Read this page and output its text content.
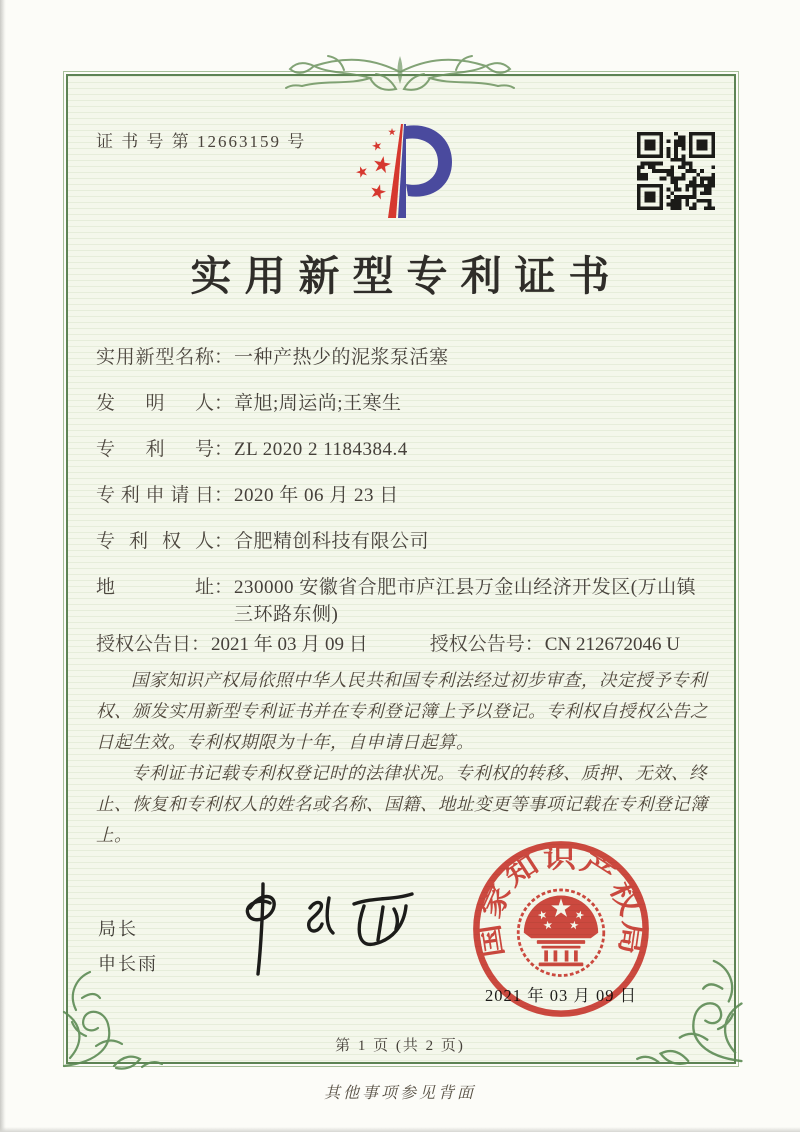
证 书 号 第 12663159 号
实用新型专利证书
实用新型名称 ： 一种产热少的泥浆泵活塞
发明人 ： 章旭;周运尚;王寒生
专利号 ： ZL 2020 2 1184384.4
专利申请日 ： 2020 年 06 月 23 日
专利权人 ： 合肥精创科技有限公司
地址 ： 230000 安徽省合肥市庐江县万金山经济开发区(万山镇三环路东侧)
授权公告日 ： 2021 年 03 月 09 日	授权公告号 ： CN 212672046 U

国家知识产权局依照中华人民共和国专利法经过初步审查，决定授予专利权、颁发实用新型专利证书并在专利登记簿上予以登记。专利权自授权公告之日起生效。专利权期限为十年，自申请日起算。

专利证书记载专利权登记时的法律状况。专利权的转移、质押、无效、终止、恢复和专利权人的姓名或名称、国籍、地址变更等事项记载在专利登记簿上。

局长
申长雨
2021 年 03 月 09 日
国家知识产权局
第 1 页 (共 2 页)
其他事项参见背面
